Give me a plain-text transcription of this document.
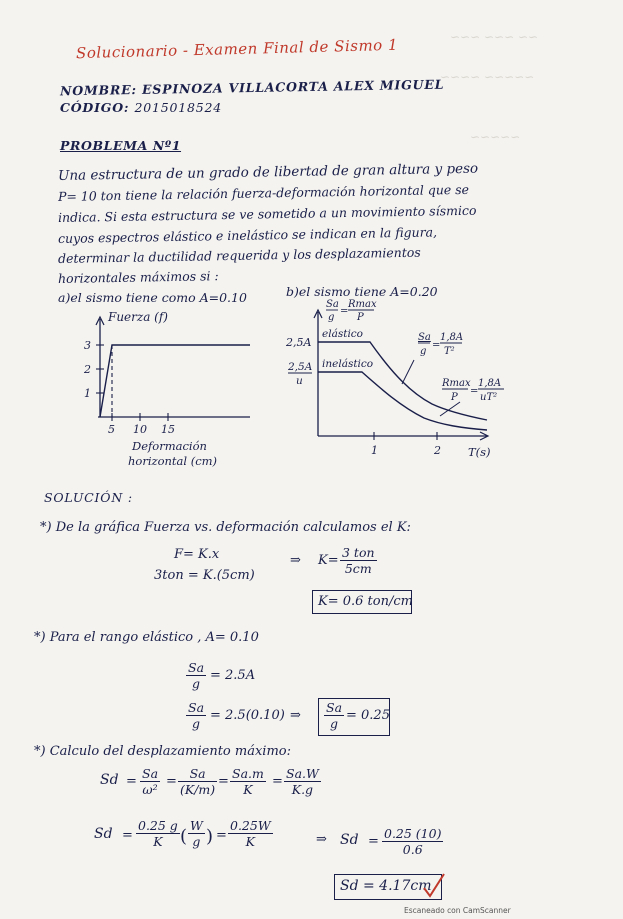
∽∽∽ ∽∽∽ ∽∽
∽∽∽∽ ∽∽∽∽∽
∽∽∽∽∽
Solucionario - Examen Final de Sismo 1
NOMBRE: ESPINOZA VILLACORTA ALEX MIGUEL
CÓDIGO: 2015018524
PROBLEMA Nº1
Una estructura de un grado de libertad de gran altura y peso
P= 10 ton tiene la relación fuerza-deformación horizontal que se
indica. Si esta estructura se ve sometido a un movimiento sísmico
cuyos espectros elástico e inelástico se indican en la figura,
determinar la ductilidad requerida y los desplazamientos
horizontales máximos si :
a)el sismo tiene como A=0.10	b)el sismo tiene A=0.20
Fuerza (f)
3
2
1
5 10 15
Deformación
horizontal (cm)
Sa
g
=
Rmax
P
2,5A
2,5A
u
elástico
inelástico
Sa
g
=
1,8A
T²
Rmax
P
=
1,8A
uT²
1	2 T(s)
SOLUCIÓN :
*) De la gráfica Fuerza vs. deformación calculamos el K:
F= K.x
3ton = K.(5cm)
⇒ K=
3 ton
5cm
K= 0.6 ton/cm
*) Para el rango elástico , A= 0.10
$\frac{Sa}{g} = 2.5A$
$\frac{Sa}{g} = 2.5(0.10)$ ⇒ $\frac{Sa}{g} = 0.25$
*) Calculo del desplazamiento máximo:
$Sd = \frac{Sa}{\text{ω²}} = \frac{Sa}{(K/m)} = \frac{Sa.m}{K} = \frac{Sa.W}{K.g}$
$Sd = \frac{0.25 g}{K}$ ( $\frac{W}{g}$ ) = $\frac{0.25W}{K}$	⇒ $Sd = \frac{0.25 (10)}{0.6}$
Sd = 4.17cm
Escaneado con CamScanner
